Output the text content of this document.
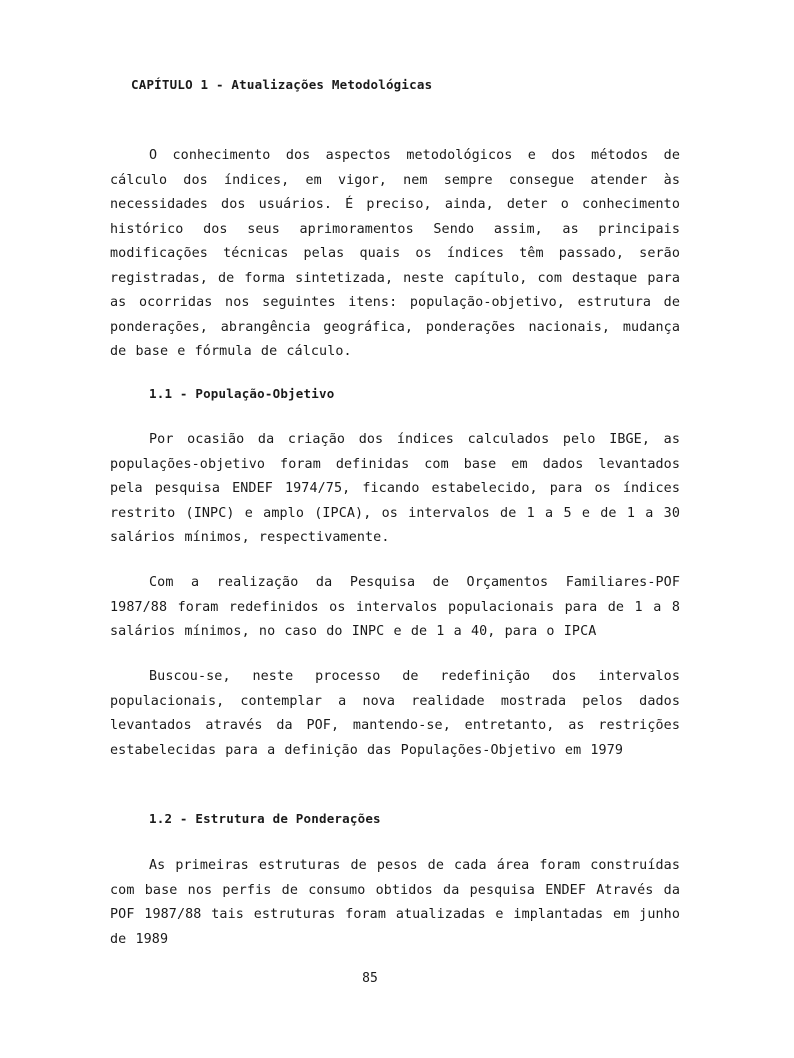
CAPÍTULO 1 - Atualizações Metodológicas

O conhecimento dos aspectos metodológicos e dos métodos de cálculo dos índices, em vigor, nem sempre consegue atender às necessidades dos usuários. É preciso, ainda, deter o conhecimento histórico dos seus aprimoramentos Sendo assim, as principais modificações técnicas pelas quais os índices têm passado, serão registradas, de forma sintetizada, neste capítulo, com destaque para as ocorridas nos seguintes itens: população-objetivo, estrutura de ponderações, abrangência geográfica, ponderações nacionais, mudança de base e fórmula de cálculo.

1.1 - População-Objetivo

Por ocasião da criação dos índices calculados pelo IBGE, as populações-objetivo foram definidas com base em dados levantados pela pesquisa ENDEF 1974/75, ficando estabelecido, para os índices restrito (INPC) e amplo (IPCA), os intervalos de 1 a 5 e de 1 a 30 salários mínimos, respectivamente.

Com a realização da Pesquisa de Orçamentos Familiares-POF 1987/88 foram redefinidos os intervalos populacionais para de 1 a 8 salários mínimos, no caso do INPC e de 1 a 40, para o IPCA

Buscou-se, neste processo de redefinição dos intervalos populacionais, contemplar a nova realidade mostrada pelos dados levantados através da POF, mantendo-se, entretanto, as restrições estabelecidas para a definição das Populações-Objetivo em 1979

1.2 - Estrutura de Ponderações

As primeiras estruturas de pesos de cada área foram construídas com base nos perfis de consumo obtidos da pesquisa ENDEF Através da POF 1987/88 tais estruturas foram atualizadas e implantadas em junho de 1989

85
